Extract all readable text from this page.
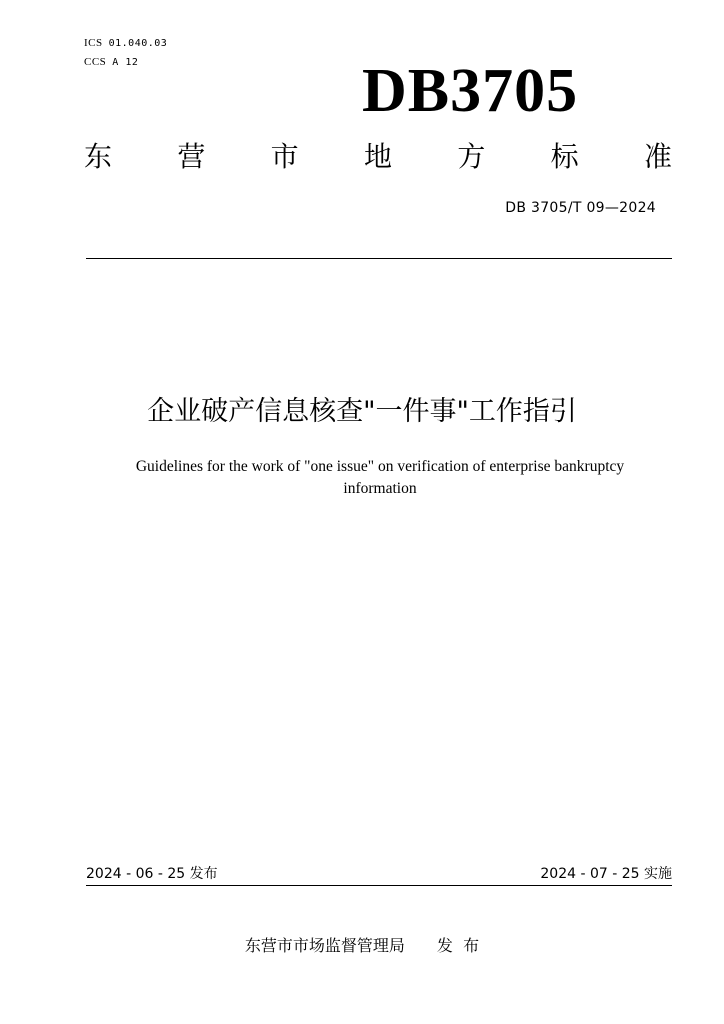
ICS 01.040.03
CCS A 12	DB3705
东 营 市 地 方 标 准
DB 3705/T 09—2024
企业破产信息核查"一件事"工作指引
Guidelines for the work of "one issue" on verification of enterprise bankruptcy information
2024 - 06 - 25 发布	2024 - 07 - 25 实施
东营市市场监督管理局 发  布
